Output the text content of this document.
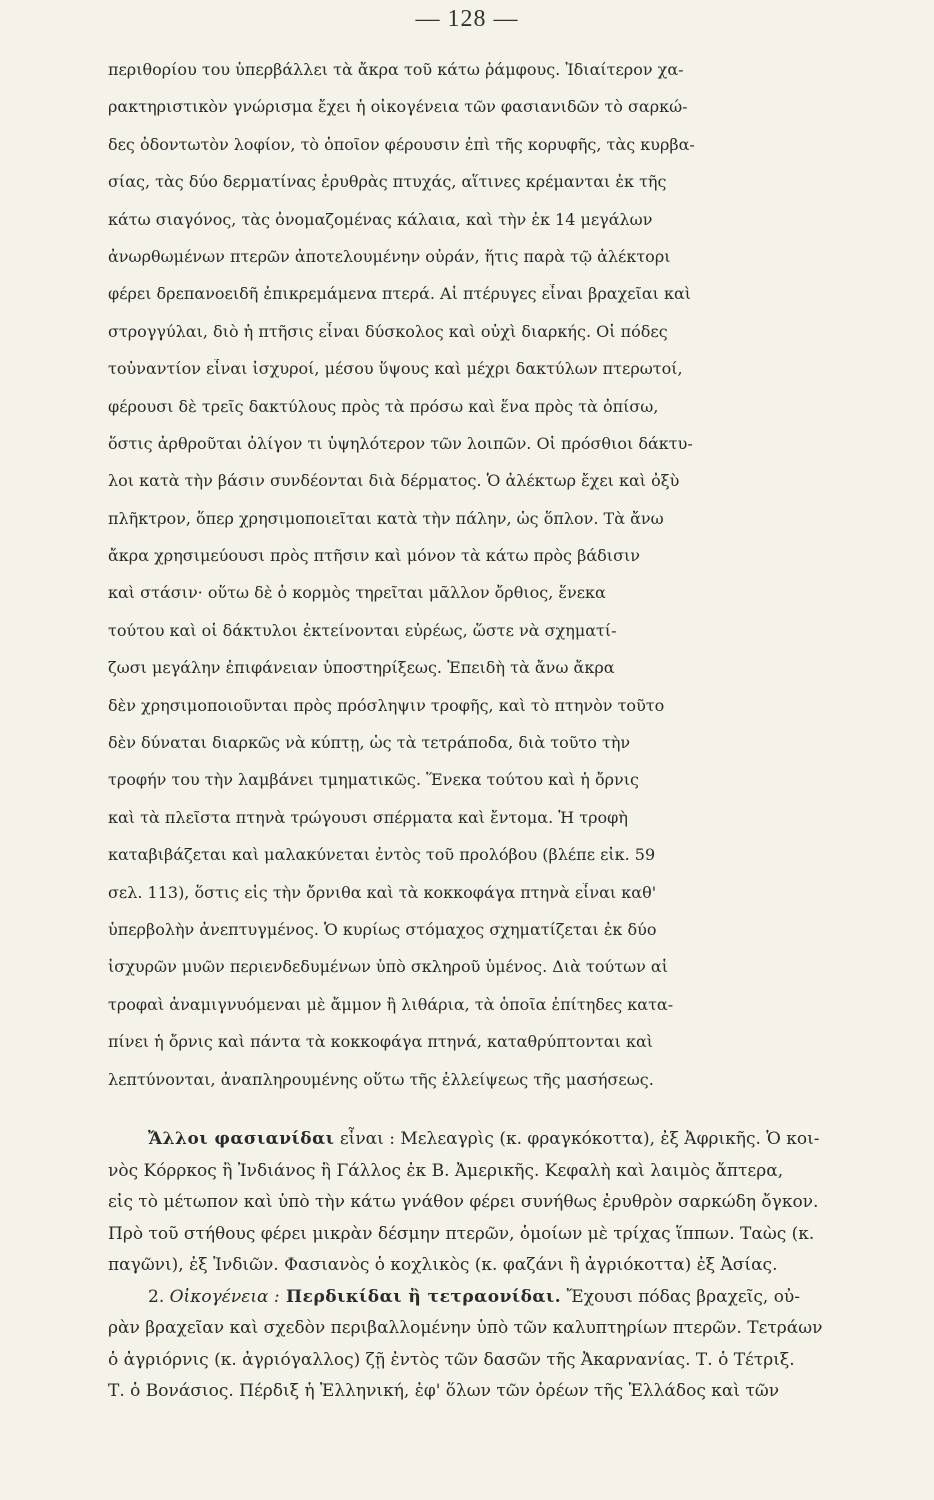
— 128 —
περιθορίου του ὑπερβάλλει τὰ ἄκρα τοῦ κάτω ῥάμφους. Ἰδιαίτερον χα-
ρακτηριστικὸν γνώρισμα ἔχει ἡ οἰκογένεια τῶν φασιανιδῶν τὸ σαρκώ-
δες ὀδοντωτὸν λοφίον, τὸ ὁποῖον φέρουσιν ἐπὶ τῆς κορυφῆς, τὰς κυρβα-
σίας, τὰς δύο δερματίνας ἐρυθρὰς πτυχάς, αἵτινες κρέμανται ἐκ τῆς
κάτω σιαγόνος, τὰς ὀνομαζομένας κάλαια, καὶ τὴν ἐκ 14 μεγάλων
ἀνωρθωμένων πτερῶν ἀποτελουμένην οὐράν, ἥτις παρὰ τῷ ἀλέκτορι
φέρει δρεπανοειδῆ ἐπικρεμάμενα πτερά. Αἱ πτέρυγες εἶναι βραχεῖαι καὶ
στρογγύλαι, διὸ ἡ πτῆσις εἶναι δύσκολος καὶ οὐχὶ διαρκής. Οἱ πόδες
τοὐναντίον εἶναι ἰσχυροί, μέσου ὕψους καὶ μέχρι δακτύλων πτερωτοί,
φέρουσι δὲ τρεῖς δακτύλους πρὸς τὰ πρόσω καὶ ἕνα πρὸς τὰ ὀπίσω,
ὅστις ἀρθροῦται ὀλίγον τι ὑψηλότερον τῶν λοιπῶν. Οἱ πρόσθιοι δάκτυ-
λοι κατὰ τὴν βάσιν συνδέονται διὰ δέρματος. Ὁ ἀλέκτωρ ἔχει καὶ ὀξὺ
πλῆκτρον, ὅπερ χρησιμοποιεῖται κατὰ τὴν πάλην, ὡς ὅπλον. Τὰ ἄνω
ἄκρα χρησιμεύουσι πρὸς πτῆσιν καὶ μόνον τὰ κάτω πρὸς βάδισιν
καὶ στάσιν· οὕτω δὲ ὁ κορμὸς τηρεῖται μᾶλλον ὄρθιος, ἕνεκα
τούτου καὶ οἱ δάκτυλοι ἐκτείνονται εὐρέως, ὥστε νὰ σχηματί-
ζωσι μεγάλην ἐπιφάνειαν ὑποστηρίξεως. Ἐπειδὴ τὰ ἄνω ἄκρα
δὲν χρησιμοποιοῦνται πρὸς πρόσληψιν τροφῆς, καὶ τὸ πτηνὸν τοῦτο
δὲν δύναται διαρκῶς νὰ κύπτῃ, ὡς τὰ τετράποδα, διὰ τοῦτο τὴν
τροφήν του τὴν λαμβάνει τμηματικῶς. Ἕνεκα τούτου καὶ ἡ ὄρνις
καὶ τὰ πλεῖστα πτηνὰ τρώγουσι σπέρματα καὶ ἔντομα. Ἡ τροφὴ
καταβιβάζεται καὶ μαλακύνεται ἐντὸς τοῦ προλόβου (βλέπε εἰκ. 59
σελ. 113), ὅστις εἰς τὴν ὄρνιθα καὶ τὰ κοκκοφάγα πτηνὰ εἶναι καθ'
ὑπερβολὴν ἀνεπτυγμένος. Ὁ κυρίως στόμαχος σχηματίζεται ἐκ δύο
ἰσχυρῶν μυῶν περιενδεδυμένων ὑπὸ σκληροῦ ὑμένος. Διὰ τούτων αἱ
τροφαὶ ἀναμιγνυόμεναι μὲ ἄμμον ἢ λιθάρια, τὰ ὁποῖα ἐπίτηδες κατα-
πίνει ἡ ὄρνις καὶ πάντα τὰ κοκκοφάγα πτηνά, καταθρύπτονται καὶ
λεπτύνονται, ἀναπληρουμένης οὕτω τῆς ἐλλείψεως τῆς μασήσεως.
Ἄλλοι φασιανίδαι εἶναι : Μελεαγρὶς (κ. φραγκόκοττα), ἐξ Ἀφρικῆς. Ὁ κοι-
νὸς Κόρρκος ἢ Ἰνδιάνος ἢ Γάλλος ἐκ Β. Ἀμερικῆς. Κεφαλὴ καὶ λαιμὸς ἄπτερα,
εἰς τὸ μέτωπον καὶ ὑπὸ τὴν κάτω γνάθον φέρει συνήθως ἐρυθρὸν σαρκώδη ὄγκον.
Πρὸ τοῦ στήθους φέρει μικρὰν δέσμην πτερῶν, ὁμοίων μὲ τρίχας ἵππων. Ταὼς (κ.
παγῶνι), ἐξ Ἰνδιῶν. Φασιανὸς ὁ κοχλικὸς (κ. φαζάνι ἢ ἀγριόκοττα) ἐξ Ἀσίας.
2. Οἰκογένεια : Περδικίδαι ἢ τετραονίδαι. Ἔχουσι πόδας βραχεῖς, οὐ-
ρὰν βραχεῖαν καὶ σχεδὸν περιβαλλομένην ὑπὸ τῶν καλυπτηρίων πτερῶν. Τετράων
ὁ ἀγριόρνις (κ. ἀγριόγαλλος) ζῇ ἐντὸς τῶν δασῶν τῆς Ἀκαρνανίας. Τ. ὁ Τέτριξ.
Τ. ὁ Βονάσιος. Πέρδιξ ἡ Ἑλληνική, ἐφ' ὅλων τῶν ὀρέων τῆς Ἑλλάδος καὶ τῶν
